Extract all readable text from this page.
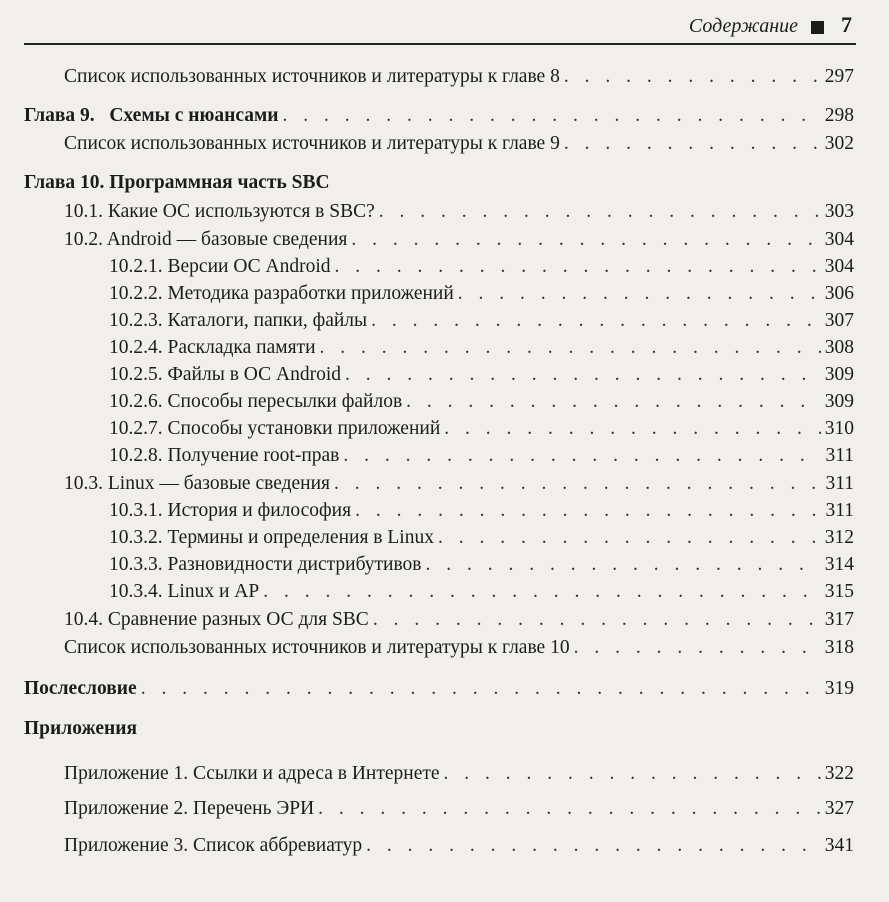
Содержание 7
Список использованных источников и литературы к главе 8 . . .	297
Глава 9. Схемы с нюансами . . .	298
Список использованных источников и литературы к главе 9 . . .	302
Глава 10. Программная часть SBC
10.1. Какие ОС используются в SBC? . . .	303
10.2. Android — базовые сведения . . .	304
10.2.1. Версии ОС Android . . .	304
10.2.2. Методика разработки приложений . . .	306
10.2.3. Каталоги, папки, файлы . . .	307
10.2.4. Раскладка памяти . . .	308
10.2.5. Файлы в ОС Android . . .	309
10.2.6. Способы пересылки файлов . . .	309
10.2.7. Способы установки приложений . . .	310
10.2.8. Получение root-прав . . .	311
10.3. Linux — базовые сведения . . .	311
10.3.1. История и философия . . .	311
10.3.2. Термины и определения в Linux . . .	312
10.3.3. Разновидности дистрибутивов . . .	314
10.3.4. Linux и АР . . .	315
10.4. Сравнение разных ОС для SBC . . .	317
Список использованных источников и литературы к главе 10 . . .	318
Послесловие . . .	319
Приложения
Приложение 1. Ссылки и адреса в Интернете . . .	322
Приложение 2. Перечень ЭРИ . . .	327
Приложение 3. Список аббревиатур . . .	341
